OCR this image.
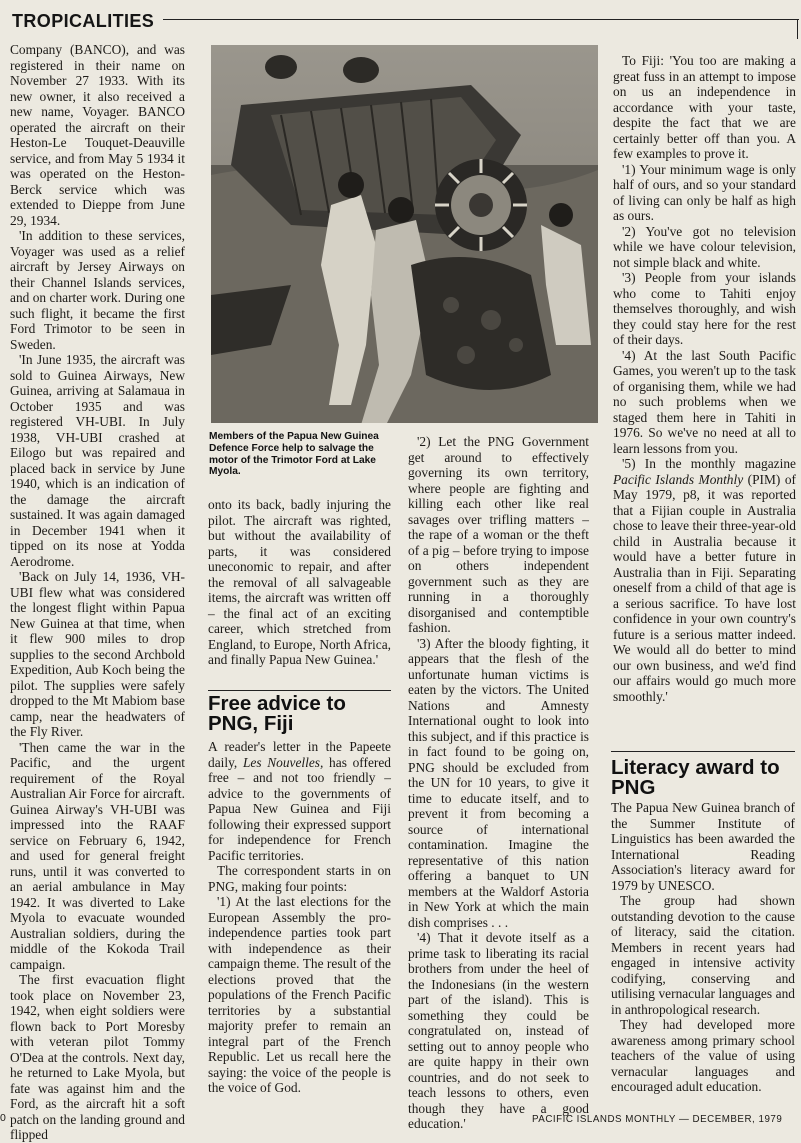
TROPICALITIES

Company (BANCO), and was registered in their name on November 27 1933. With its new owner, it also received a new name, Voyager. BANCO operated the aircraft on their Heston-Le Touquet-Deauville service, and from May 5 1934 it was operated on the Heston-Berck service which was extended to Dieppe from June 29, 1934.

'In addition to these services, Voyager was used as a relief aircraft by Jersey Airways on their Channel Islands services, and on charter work. During one such flight, it became the first Ford Trimotor to be seen in Sweden.

'In June 1935, the aircraft was sold to Guinea Airways, New Guinea, arriving at Salamaua in October 1935 and was registered VH-UBI. In July 1938, VH-UBI crashed at Eilogo but was repaired and placed back in service by June 1940, which is an indication of the damage the aircraft sustained. It was again damaged in December 1941 when it tipped on its nose at Yodda Aerodrome.

'Back on July 14, 1936, VH-UBI flew what was considered the longest flight within Papua New Guinea at that time, when it flew 900 miles to drop supplies to the second Archbold Expedition, Aub Koch being the pilot. The supplies were safely dropped to the Mt Mabiom base camp, near the headwaters of the Fly River.

'Then came the war in the Pacific, and the urgent requirement of the Royal Australian Air Force for aircraft. Guinea Airway's VH-UBI was impressed into the RAAF service on February 6, 1942, and used for general freight runs, until it was converted to an aerial ambulance in May 1942. It was diverted to Lake Myola to evacuate wounded Australian soldiers, during the middle of the Kokoda Trail campaign.

The first evacuation flight took place on November 23, 1942, when eight soldiers were flown back to Port Moresby with veteran pilot Tommy O'Dea at the controls. Next day, he returned to Lake Myola, but fate was against him and the Ford, as the aircraft hit a soft patch on the landing ground and flipped

Members of the Papua New Guinea Defence Force help to salvage the motor of the Trimotor Ford at Lake Myola.

onto its back, badly injuring the pilot. The aircraft was righted, but without the availability of parts, it was considered uneconomic to repair, and after the removal of all salvageable items, the aircraft was written off – the final act of an exciting career, which stretched from England, to Europe, North Africa, and finally Papua New Guinea.'

Free advice to PNG, Fiji

A reader's letter in the Papeete daily, Les Nouvelles, has offered free – and not too friendly – advice to the governments of Papua New Guinea and Fiji following their expressed support for independence for French Pacific territories.

The correspondent starts in on PNG, making four points:

'1) At the last elections for the European Assembly the pro-independence parties took part with independence as their campaign theme. The result of the elections proved that the populations of the French Pacific territories by a substantial majority prefer to remain an integral part of the French Republic. Let us recall here the saying: the voice of the people is the voice of God.

'2) Let the PNG Government get around to effectively governing its own territory, where people are fighting and killing each other like real savages over trifling matters – the rape of a woman or the theft of a pig – before trying to impose on others independent government such as they are running in a thoroughly disorganised and contemptible fashion.

'3) After the bloody fighting, it appears that the flesh of the unfortunate human victims is eaten by the victors. The United Nations and Amnesty International ought to look into this subject, and if this practice is in fact found to be going on, PNG should be excluded from the UN for 10 years, to give it time to educate itself, and to prevent it from becoming a source of international contamination. Imagine the representative of this nation offering a banquet to UN members at the Waldorf Astoria in New York at which the main dish comprises . . .

'4) That it devote itself as a prime task to liberating its racial brothers from under the heel of the Indonesians (in the western part of the island). This is something they could be congratulated on, instead of setting out to annoy people who are quite happy in their own countries, and do not seek to teach lessons to others, even though they have a good education.'

To Fiji: 'You too are making a great fuss in an attempt to impose on us an independence in accordance with your taste, despite the fact that we are certainly better off than you. A few examples to prove it.

'1) Your minimum wage is only half of ours, and so your standard of living can only be half as high as ours.

'2) You've got no television while we have colour television, not simple black and white.

'3) People from your islands who come to Tahiti enjoy themselves thoroughly, and wish they could stay here for the rest of their days.

'4) At the last South Pacific Games, you weren't up to the task of organising them, while we had no such problems when we staged them here in Tahiti in 1976. So we've no need at all to learn lessons from you.

'5) In the monthly magazine Pacific Islands Monthly (PIM) of May 1979, p8, it was reported that a Fijian couple in Australia chose to leave their three-year-old child in Australia because it would have a better future in Australia than in Fiji. Separating oneself from a child of that age is a serious sacrifice. To have lost confidence in your own country's future is a serious matter indeed. We would all do better to mind our own business, and we'd find our affairs would go much more smoothly.'

Literacy award to PNG

The Papua New Guinea branch of the Summer Institute of Linguistics has been awarded the International Reading Association's literacy award for 1979 by UNESCO.

The group had shown outstanding devotion to the cause of literacy, said the citation. Members in recent years had engaged in intensive activity codifying, conserving and utilising vernacular languages and in anthropological research.

They had developed more awareness among primary school teachers of the value of using vernacular languages and encouraged adult education.

0	PACIFIC ISLANDS MONTHLY — DECEMBER, 1979
